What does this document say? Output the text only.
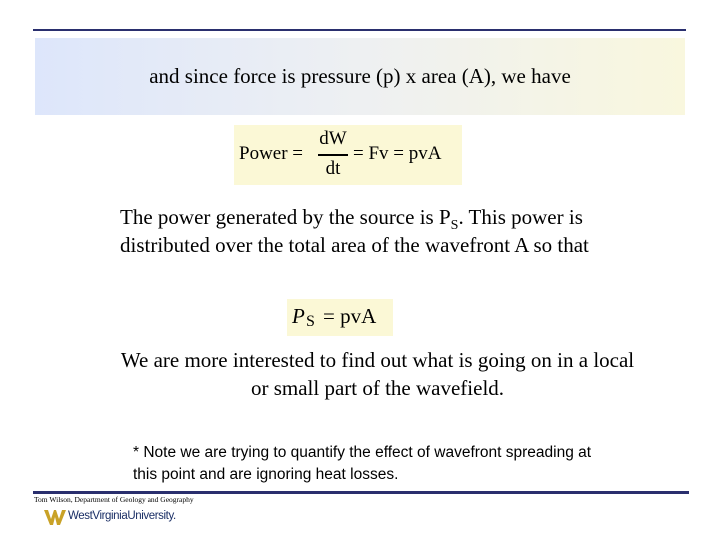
and since force is pressure (p) x area (A), we have
Power =
dW
dt
= Fv = pvA
The power generated by the source is $P_S$. This power is distributed over the total area of the wavefront A so that
P S = pvA
We are more interested to find out what is going on in a local or small part of the wavefield.
* Note we are trying to quantify the effect of wavefront spreading at this point and are ignoring heat losses.
Tom Wilson, Department of Geology and Geography
WestVirginiaUniversity.
